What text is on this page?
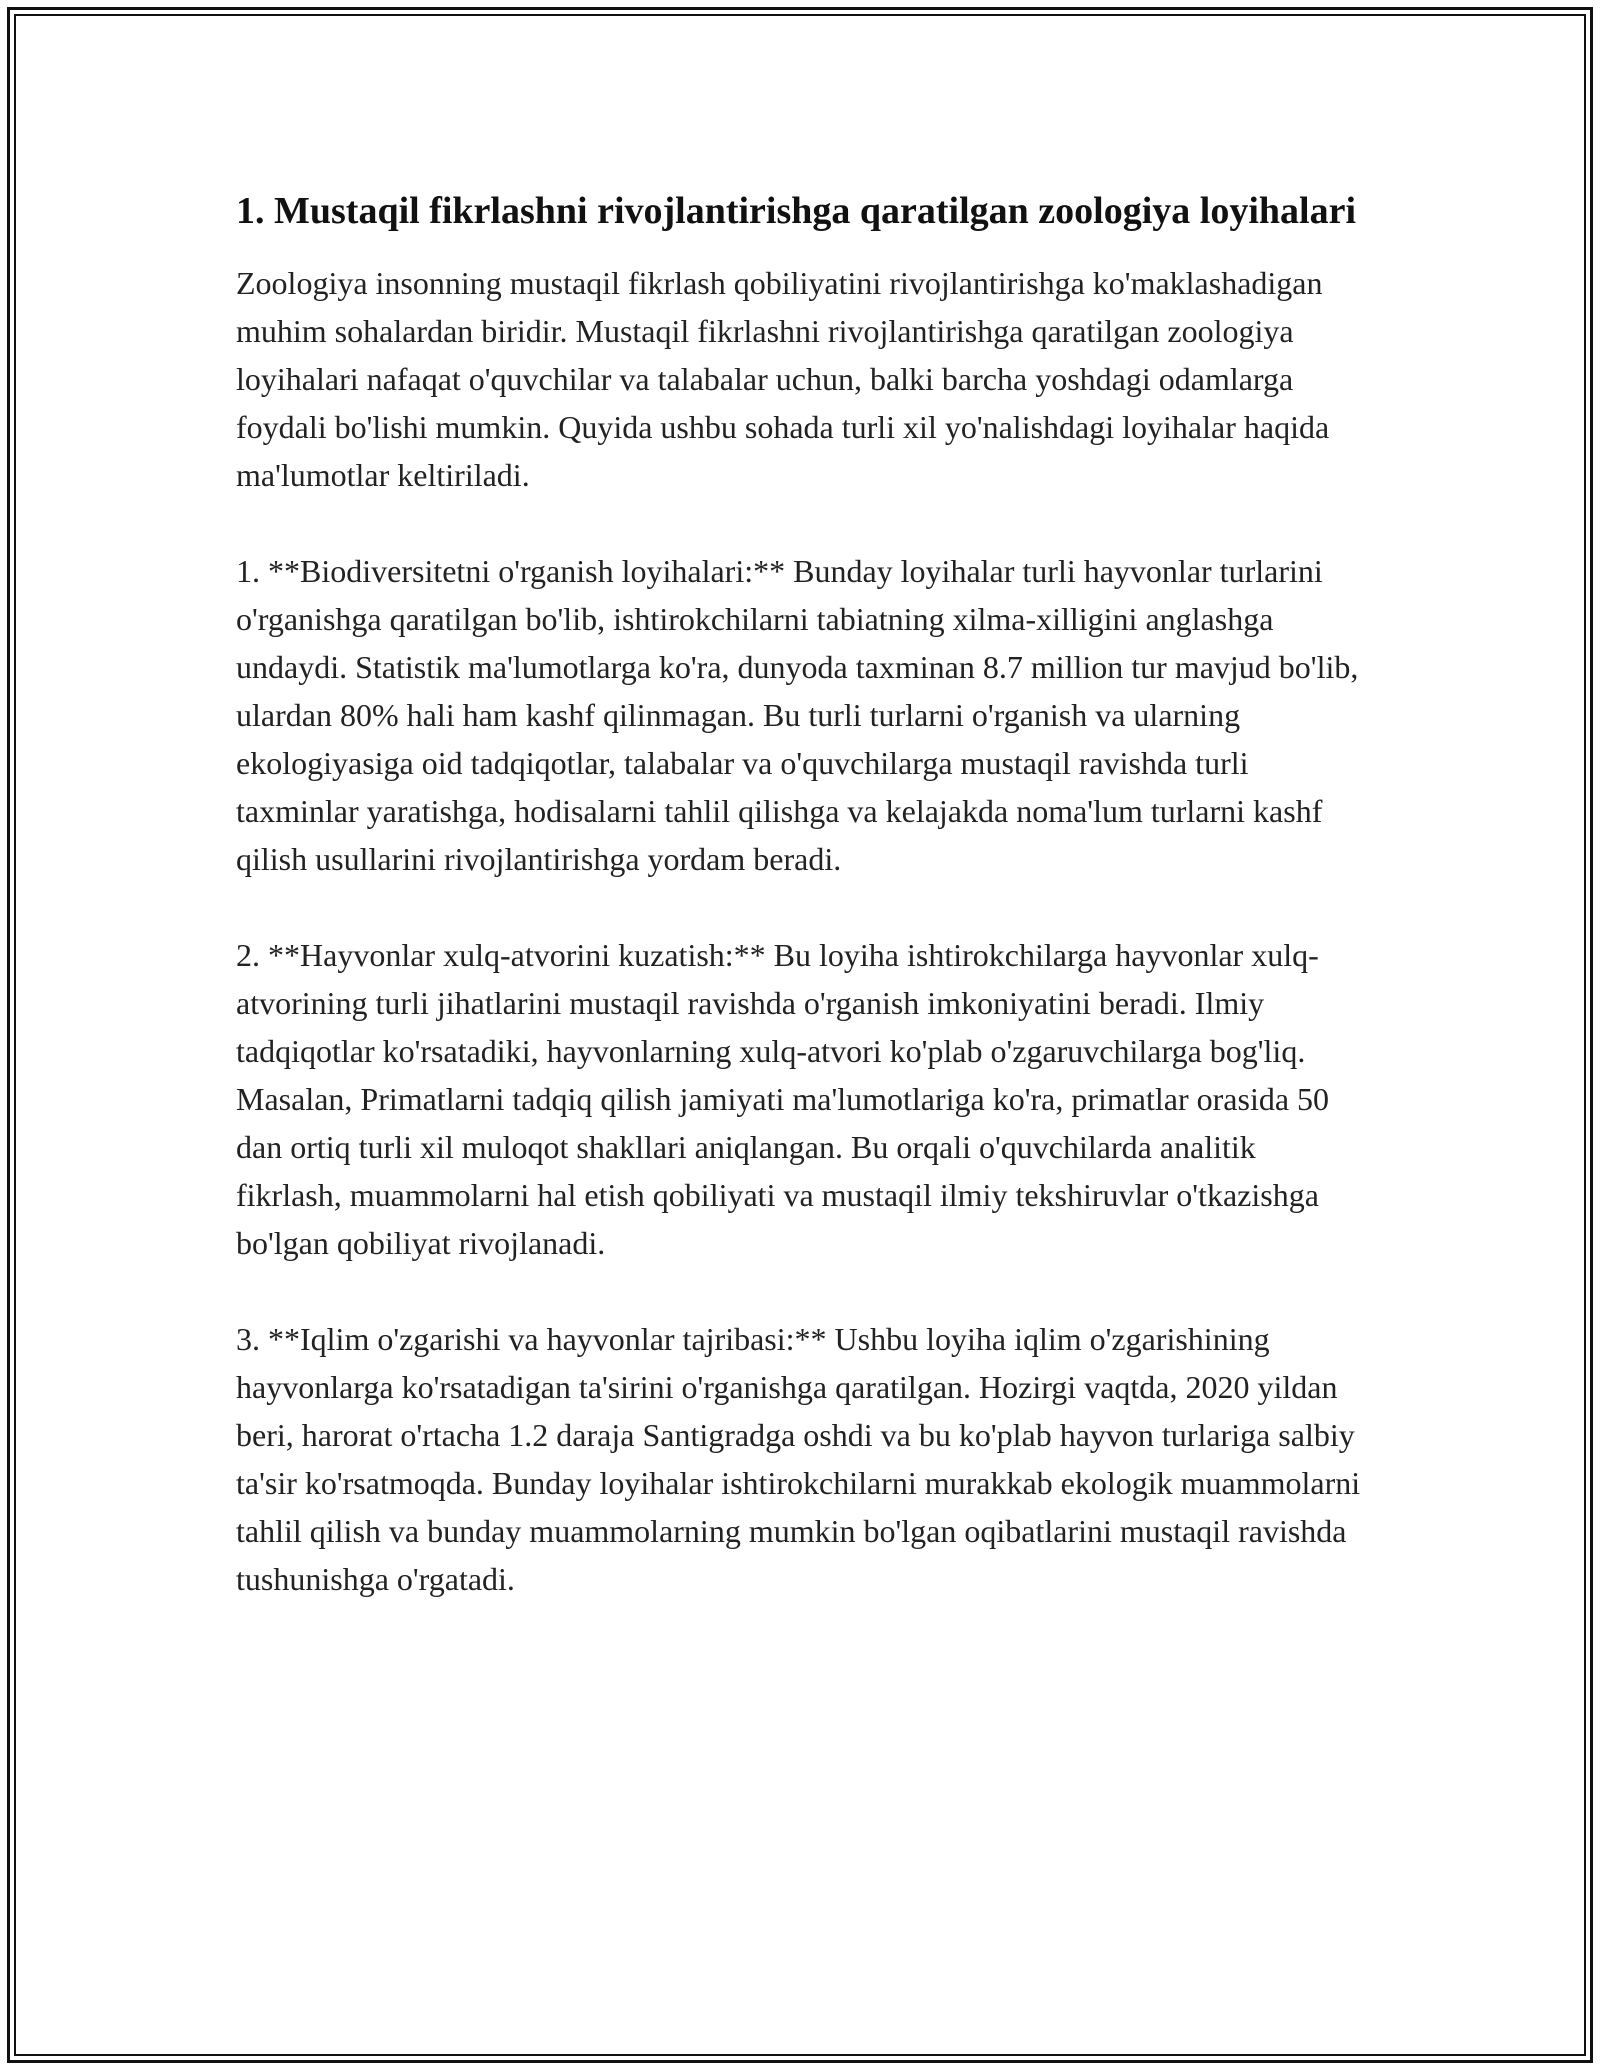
1. Mustaqil fikrlashni rivojlantirishga qaratilgan zoologiya loyihalari

Zoologiya insonning mustaqil fikrlash qobiliyatini rivojlantirishga ko'maklashadigan muhim sohalardan biridir. Mustaqil fikrlashni rivojlantirishga qaratilgan zoologiya loyihalari nafaqat o'quvchilar va talabalar uchun, balki barcha yoshdagi odamlarga foydali bo'lishi mumkin. Quyida ushbu sohada turli xil yo'nalishdagi loyihalar haqida ma'lumotlar keltiriladi.

1. **Biodiversitetni o'rganish loyihalari:** Bunday loyihalar turli hayvonlar turlarini o'rganishga qaratilgan bo'lib, ishtirokchilarni tabiatning xilma-xilligini anglashga undaydi. Statistik ma'lumotlarga ko'ra, dunyoda taxminan 8.7 million tur mavjud bo'lib, ulardan 80% hali ham kashf qilinmagan. Bu turli turlarni o'rganish va ularning ekologiyasiga oid tadqiqotlar, talabalar va o'quvchilarga mustaqil ravishda turli taxminlar yaratishga, hodisalarni tahlil qilishga va kelajakda noma'lum turlarni kashf qilish usullarini rivojlantirishga yordam beradi.

2. **Hayvonlar xulq-atvorini kuzatish:** Bu loyiha ishtirokchilarga hayvonlar xulq-atvorining turli jihatlarini mustaqil ravishda o'rganish imkoniyatini beradi. Ilmiy tadqiqotlar ko'rsatadiki, hayvonlarning xulq-atvori ko'plab o'zgaruvchilarga bog'liq. Masalan, Primatlarni tadqiq qilish jamiyati ma'lumotlariga ko'ra, primatlar orasida 50 dan ortiq turli xil muloqot shakllari aniqlangan. Bu orqali o'quvchilarda analitik fikrlash, muammolarni hal etish qobiliyati va mustaqil ilmiy tekshiruvlar o'tkazishga bo'lgan qobiliyat rivojlanadi.

3. **Iqlim o'zgarishi va hayvonlar tajribasi:** Ushbu loyiha iqlim o'zgarishining hayvonlarga ko'rsatadigan ta'sirini o'rganishga qaratilgan. Hozirgi vaqtda, 2020 yildan beri, harorat o'rtacha 1.2 daraja Santigradga oshdi va bu ko'plab hayvon turlariga salbiy ta'sir ko'rsatmoqda. Bunday loyihalar ishtirokchilarni murakkab ekologik muammolarni tahlil qilish va bunday muammolarning mumkin bo'lgan oqibatlarini mustaqil ravishda tushunishga o'rgatadi.
